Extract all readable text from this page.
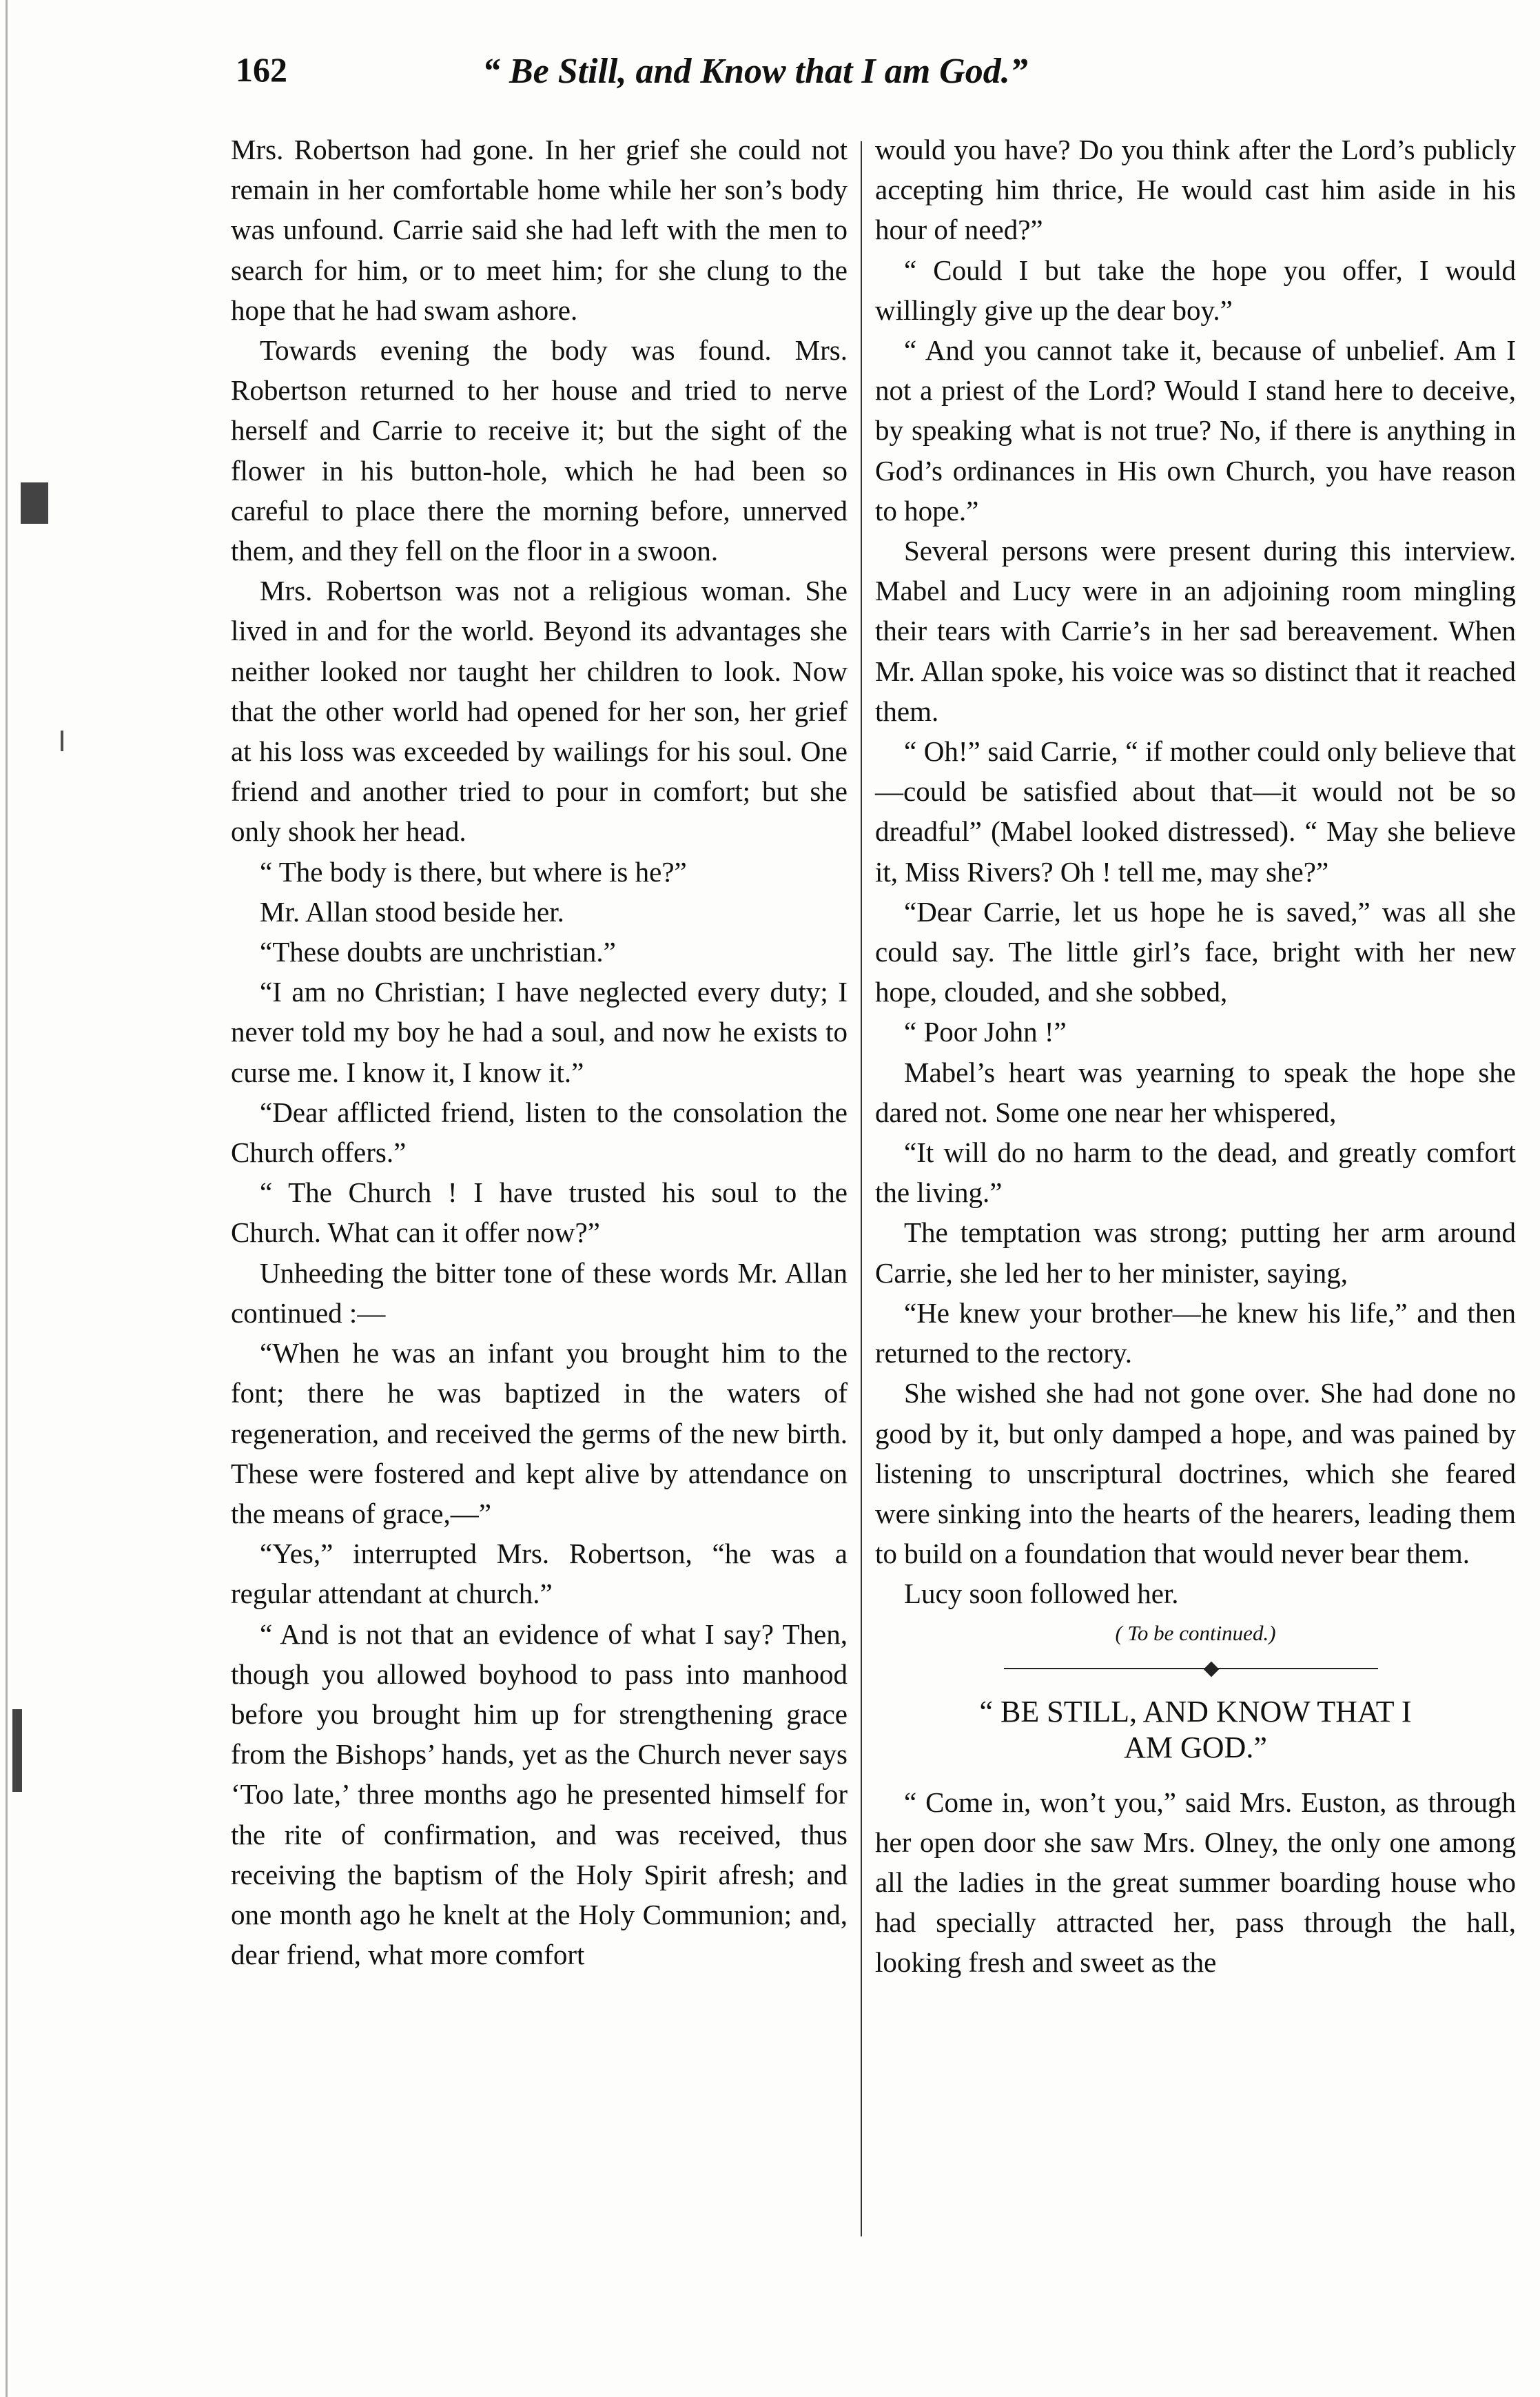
162	“ Be Still, and Know that I am God.”

Mrs. Robertson had gone. In her grief she could not remain in her comfortable home while her son’s body was unfound. Carrie said she had left with the men to search for him, or to meet him; for she clung to the hope that he had swam ashore.

Towards evening the body was found. Mrs. Robertson returned to her house and tried to nerve herself and Carrie to receive it; but the sight of the flower in his button-hole, which he had been so careful to place there the morning before, unnerved them, and they fell on the floor in a swoon.

Mrs. Robertson was not a religious woman. She lived in and for the world. Beyond its advantages she neither looked nor taught her children to look. Now that the other world had opened for her son, her grief at his loss was exceeded by wailings for his soul. One friend and another tried to pour in comfort; but she only shook her head.

“ The body is there, but where is he?”

Mr. Allan stood beside her.

“These doubts are unchristian.”

“I am no Christian; I have neglected every duty; I never told my boy he had a soul, and now he exists to curse me. I know it, I know it.”

“Dear afflicted friend, listen to the consolation the Church offers.”

“ The Church ! I have trusted his soul to the Church. What can it offer now?”

Unheeding the bitter tone of these words Mr. Allan continued :—

“When he was an infant you brought him to the font; there he was baptized in the waters of regeneration, and received the germs of the new birth. These were fostered and kept alive by attendance on the means of grace,—”

“Yes,” interrupted Mrs. Robertson, “he was a regular attendant at church.”

“ And is not that an evidence of what I say? Then, though you allowed boyhood to pass into manhood before you brought him up for strengthening grace from the Bishops’ hands, yet as the Church never says ‘Too late,’ three months ago he presented himself for the rite of confirmation, and was received, thus receiving the baptism of the Holy Spirit afresh; and one month ago he knelt at the Holy Communion; and, dear friend, what more comfort

would you have? Do you think after the Lord’s publicly accepting him thrice, He would cast him aside in his hour of need?”

“ Could I but take the hope you offer, I would willingly give up the dear boy.”

“ And you cannot take it, because of unbelief. Am I not a priest of the Lord? Would I stand here to deceive, by speaking what is not true? No, if there is anything in God’s ordinances in His own Church, you have reason to hope.”

Several persons were present during this interview. Mabel and Lucy were in an adjoining room mingling their tears with Carrie’s in her sad bereavement. When Mr. Allan spoke, his voice was so distinct that it reached them.

“ Oh!” said Carrie, “ if mother could only believe that—could be satisfied about that—it would not be so dreadful” (Mabel looked distressed). “ May she believe it, Miss Rivers? Oh ! tell me, may she?”

“Dear Carrie, let us hope he is saved,” was all she could say. The little girl’s face, bright with her new hope, clouded, and she sobbed,

“ Poor John !”

Mabel’s heart was yearning to speak the hope she dared not. Some one near her whispered,

“It will do no harm to the dead, and greatly comfort the living.”

The temptation was strong; putting her arm around Carrie, she led her to her minister, saying,

“He knew your brother—he knew his life,” and then returned to the rectory.

She wished she had not gone over. She had done no good by it, but only damped a hope, and was pained by listening to unscriptural doctrines, which she feared were sinking into the hearts of the hearers, leading them to build on a foundation that would never bear them.

Lucy soon followed her.

( To be continued.)

“ BE STILL, AND KNOW THAT I
AM GOD.”

“ Come in, won’t you,” said Mrs. Euston, as through her open door she saw Mrs. Olney, the only one among all the ladies in the great summer boarding house who had specially attracted her, pass through the hall, looking fresh and sweet as the
